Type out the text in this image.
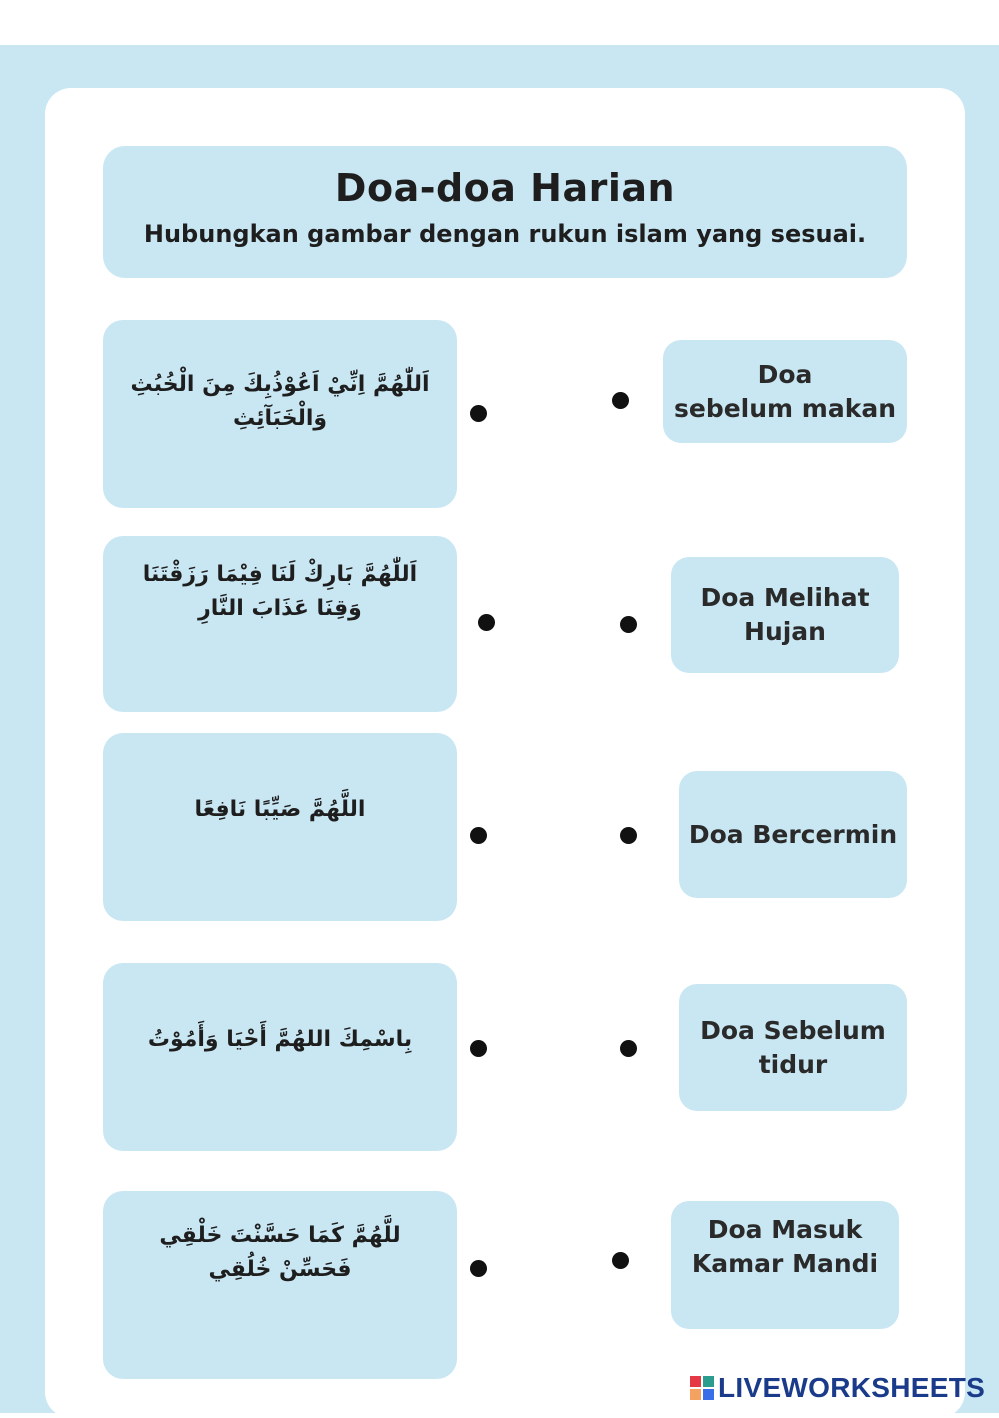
Doa-doa Harian
Hubungkan gambar dengan rukun islam yang sesuai.
اَللّٰهُمَّ اِنِّيْ اَعُوْذُبِكَ مِنَ الْخُبُثِ وَالْخَبَآئِثِ
اَللّٰهُمَّ بَارِكْ لَنَا فِيْمَا رَزَقْتَنَا وَقِنَا عَذَابَ النَّارِ
اللَّهُمَّ صَيِّبًا نَافِعًا
بِاسْمِكَ اللهُمَّ أَحْيَا وَأَمُوْتُ
للَّهُمَّ كَمَا حَسَّنْتَ خَلْقِي فَحَسِّنْ خُلُقِي
Doa
sebelum makan
Doa Melihat
Hujan
Doa Bercermin
Doa Sebelum
tidur
Doa Masuk
Kamar Mandi
LIVEWORKSHEETS
